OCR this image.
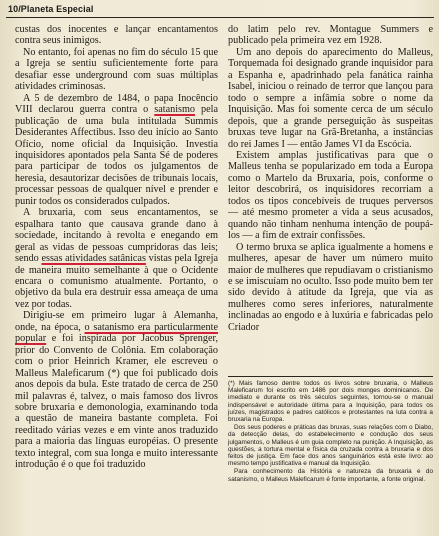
10/Planeta Especial

custas dos inocentes e lançar encantamentos contra seus inimigos.

No entanto, foi apenas no fim do século 15 que a Igreja se sentiu suficientemente forte para desafiar esse underground com suas múltiplas atividades criminosas.

A 5 de dezembro de 1484, o papa Inocêncio VIII declarou guerra contra o satanismo pela publicação de uma bula intitulada Summis Desiderantes Affectibus. Isso deu início ao Santo Ofício, nome oficial da Inquisição. Investia inquisidores apontados pela Santa Sé de poderes para participar de todos os julgamentos de heresia, desautorizar decisões de tribunais locais, processar pessoas de qualquer nível e prender e punir todos os considerados culpados.

A bruxaria, com seus encantamentos, se espalhara tanto que causava grande dano à sociedade, incitando à revolta e enegando em geral as vidas de pessoas cumpridoras das leis; sendo essas atividades satânicas vistas pela Igreja de maneira muito semelhante à que o Ocidente encara o comunismo atualmente. Portanto, o objetivo da bula era destruir essa ameaça de uma vez por todas.

Dirigiu-se em primeiro lugar à Alemanha, onde, na época, o satanismo era particularmente popular e foi inspirada por Jacobus Sprenger, prior do Convento de Colônia. Em colaboração com o prior Heinrich Kramer, ele escreveu o Malleus Maleficarum (*) que foi publicado dois anos depois da bula. Este tratado de cerca de 250 mil palavras é, talvez, o mais famoso dos livros sobre bruxaria e demonologia, examinando toda a questão de maneira bastante completa. Foi reeditado várias vezes e em vinte anos traduzido para a maioria das línguas européias. O presente texto integral, com sua longa e muito interessante introdução é o que foi traduzido

do latim pelo rev. Montague Summers e publicado pela primeira vez em 1928.

Um ano depois do aparecimento do Malleus, Torquemada foi designado grande inquisidor para a Espanha e, apadrinhado pela fanática rainha Isabel, iniciou o reinado de terror que lançou para todo o sempre a infâmia sobre o nome da Inquisição. Mas foi somente cerca de um século depois, que a grande perseguição às suspeitas bruxas teve lugar na Grã-Bretanha, a instâncias do rei James I — então James VI da Escócia.

Existem amplas justificativas para que o Malleus tenha se popularizado em toda a Europa como o Martelo da Bruxaria, pois, conforme o leitor descobrirá, os inquisidores recorriam a todos os tipos concebíveis de truques perversos — até mesmo prometer a vida a seus acusados, quando não tinham nenhuma intenção de poupá-los — a fim de extrair confissões.

O termo bruxa se aplica igualmente a homens e mulheres, apesar de haver um número muito maior de mulheres que repudiavam o cristianismo e se imiscuíam no oculto. Isso pode muito bem ter sido devido à atitude da Igreja, que via as mulheres como seres inferiores, naturalmente inclinadas ao engodo e à luxúria e fabricadas pelo Criador

(*) Mais famoso dentre todos os livros sobre bruxaria, o Malleus Maleficarum foi escrito em 1486 por dois monges dominicanos. De imediato e durante os três séculos seguintes, tornou-se o manual indispensável e autoridade última para a Inquisição, para todos os juízes, magistrados e padres católicos e protestantes na luta contra a bruxaria na Europa.

Dos seus poderes e práticas das bruxas, suas relações com o Diabo, da detecção delas, do estabelecimento e condução dos seus julgamentos, o Malleus é um guia completo na punição. A Inquisição, as questões, a tortura mental e física da cruzada contra a bruxaria e dos feitos de justiça. Em face dos anos sanguinários está este livro: ao mesmo tempo justificativa e manual da Inquisição.

Para conhecimento da História e natureza da bruxaria e do satanismo, o Malleus Maleficarum é fonte importante, a fonte original.
